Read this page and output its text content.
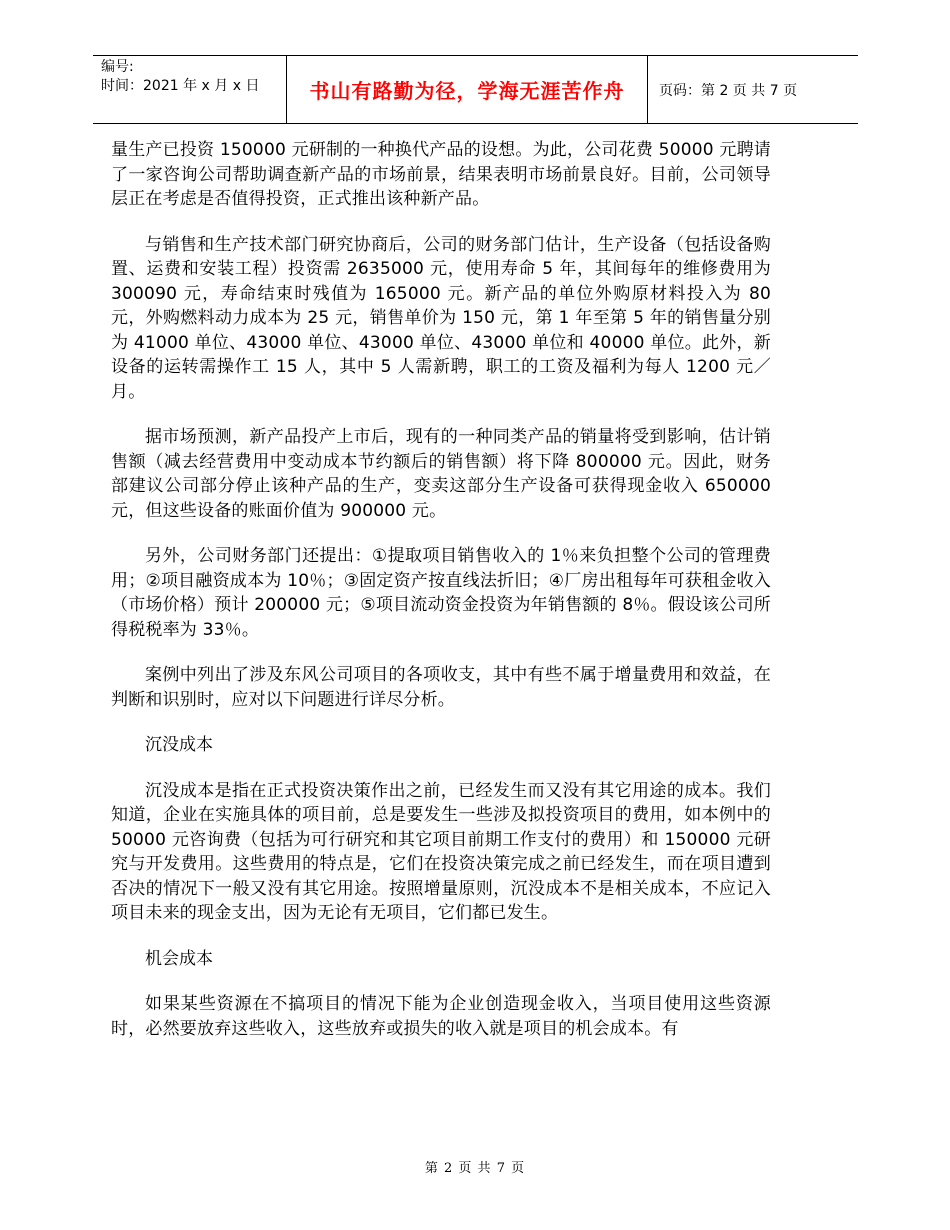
编号:
时间：2021 年 x 月 x 日	书山有路勤为径，学海无涯苦作舟	页码：第 2 页 共 7 页

量生产已投资 150000 元研制的一种换代产品的设想。为此，公司花费 50000 元聘请了一家咨询公司帮助调查新产品的市场前景，结果表明市场前景良好。目前，公司领导层正在考虑是否值得投资，正式推出该种新产品。

与销售和生产技术部门研究协商后，公司的财务部门估计，生产设备（包括设备购置、运费和安装工程）投资需 2635000 元，使用寿命 5 年，其间每年的维修费用为 300090 元，寿命结束时残值为 165000 元。新产品的单位外购原材料投入为 80 元，外购燃料动力成本为 25 元，销售单价为 150 元，第 1 年至第 5 年的销售量分别为 41000 单位、43000 单位、43000 单位、43000 单位和 40000 单位。此外，新设备的运转需操作工 15 人，其中 5 人需新聘，职工的工资及福利为每人 1200 元／月。

据市场预测，新产品投产上市后，现有的一种同类产品的销量将受到影响，估计销售额（减去经营费用中变动成本节约额后的销售额）将下降 800000 元。因此，财务部建议公司部分停止该种产品的生产，变卖这部分生产设备可获得现金收入 650000 元，但这些设备的账面价值为 900000 元。

另外，公司财务部门还提出：①提取项目销售收入的 1％来负担整个公司的管理费用；②项目融资成本为 10％；③固定资产按直线法折旧；④厂房出租每年可获租金收入（市场价格）预计 200000 元；⑤项目流动资金投资为年销售额的 8％。假设该公司所得税税率为 33％。

案例中列出了涉及东风公司项目的各项收支，其中有些不属于增量费用和效益，在判断和识别时，应对以下问题进行详尽分析。

沉没成本

沉没成本是指在正式投资决策作出之前，已经发生而又没有其它用途的成本。我们知道，企业在实施具体的项目前，总是要发生一些涉及拟投资项目的费用，如本例中的 50000 元咨询费（包括为可行研究和其它项目前期工作支付的费用）和 150000 元研究与开发费用。这些费用的特点是，它们在投资决策完成之前已经发生，而在项目遭到否决的情况下一般又没有其它用途。按照增量原则，沉没成本不是相关成本，不应记入项目未来的现金支出，因为无论有无项目，它们都已发生。

机会成本

如果某些资源在不搞项目的情况下能为企业创造现金收入，当项目使用这些资源时，必然要放弃这些收入，这些放弃或损失的收入就是项目的机会成本。有

第 2 页 共 7 页
